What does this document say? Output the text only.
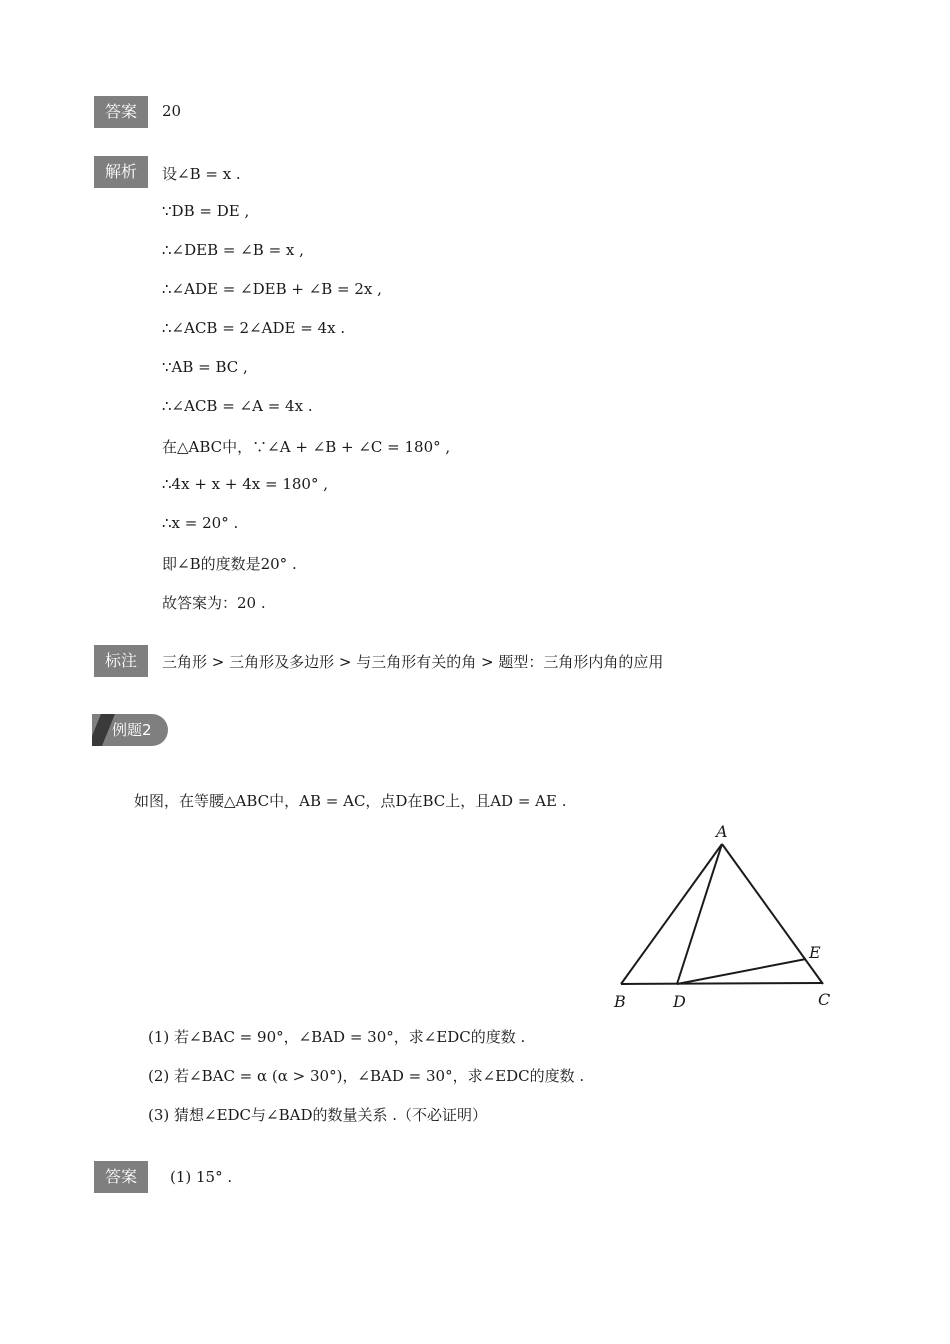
答案	20
解析	设∠B = x .
∵DB = DE ,
∴∠DEB = ∠B = x ,
∴∠ADE = ∠DEB + ∠B = 2x ,
∴∠ACB = 2∠ADE = 4x .
∵AB = BC ,
∴∠ACB = ∠A = 4x .
在△ABC中，∵∠A + ∠B + ∠C = 180° ,
∴4x + x + 4x = 180° ,
∴x = 20° .
即∠B的度数是20° .
故答案为：20 .
标注	三角形 > 三角形及多边形 > 与三角形有关的角 > 题型：三角形内角的应用
例题2
如图，在等腰△ABC中，AB = AC，点D在BC上，且AD = AE .
A
B	C
D
E
(1) 若∠BAC = 90°，∠BAD = 30°，求∠EDC的度数 .
(2) 若∠BAC = α (α > 30°)，∠BAD = 30°，求∠EDC的度数 .
(3) 猜想∠EDC与∠BAD的数量关系 .（不必证明）
答案	(1) 15° .
